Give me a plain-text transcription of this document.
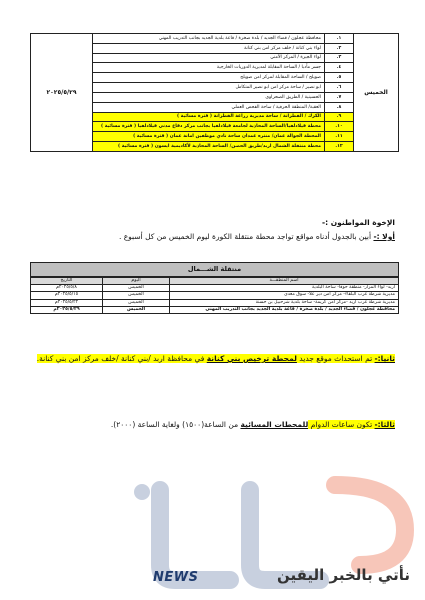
الخميس	١.	محافظة عجلون / قضاء الجديد / بلدة صخرة / قاعة بلدية الجديد بجانب التدريب المهني	٢٠٢٥/٥/٢٩
	٢.	لواء بني كنانة / خلف مركز امن بني كنانة	
	٣.	لواء الجيزة / المركز الأمني	
	٤.	جسر مأدبا / الساحة المقابلة لمديرية الدوريات الخارجية	
	٥.	صويلح / الساحة المقابلة لمركز امن صويلح	
	٦.	ابو نصير / ساحة مركز امن ابو نصير المتكامل	
	٧.	الحسينية / الطريق الصحراوي	
	٨.	العقبة/ المنطقة الحرفية / ساحة الفحص العملي	
	٩.	الكرك / القطرانة / ساحة مديرية زراعة القطرانة ( فترة مسائية )	
	١٠.	محطة فيلادلفيا/الساحة المحاذية لجامعة فيلادلفيا بجانب مركز دفاع مدني فيلادلفيا ( فترة مسائية )	
	١١.	المحطة الجوالة عمان/ منتزه غمدان ساحة نادي موظفين امانة عمان ( فترة مسائية )	
	١٢.	محطة منتقلة الشمال اربد/طريق الحصن/ الساحة المحاذية لأكاديمية ايسون ( فترة مسائية )	
الإخوة المواطنون :-
أولا :- أبين بالجدول أدناه مواقع تواجد محطة منتقلة الكورة ليوم الخميس من كل أسبوع .
منتقلة الشـــمال
اسم المنطقـــة	اليوم	التاريخ
اربد- لواء المزار- منطقة حوفا- ساحة البلدية	الخميس	٢٠٢٥/٥/٨م
مديرية شرطة غرب البلقاء- مركز امن دير علا- سوق معدي	الخميس	٢٠٢٥/٥/١٥م
مديرية شرطة غرب اربد -مركز امن كريمة- ساحة بلدية شرحبيل بن حسنة	الخميس	٢٠٢٥/٥/٢٢م
محافظة عجلون / قضاء الجديد / بلدة صخرة / قاعة بلدية الجديد بجانب التدريب المهني	الخميس	٢٠٢٥/٥/٢٩م
ثانيا:- تم استحداث موقع جديد لمحطة ترخيص بني كنانة في محافظة اربد /بني كنانة /خلف مركز امن بني كنانة.
ثالثا:- تكون ساعات الدوام للمحطات المسائية من الساعة(١٥٠٠) ولغاية الساعة (٢٠٠٠).
NEWS	نأتي بالخبر اليقين
